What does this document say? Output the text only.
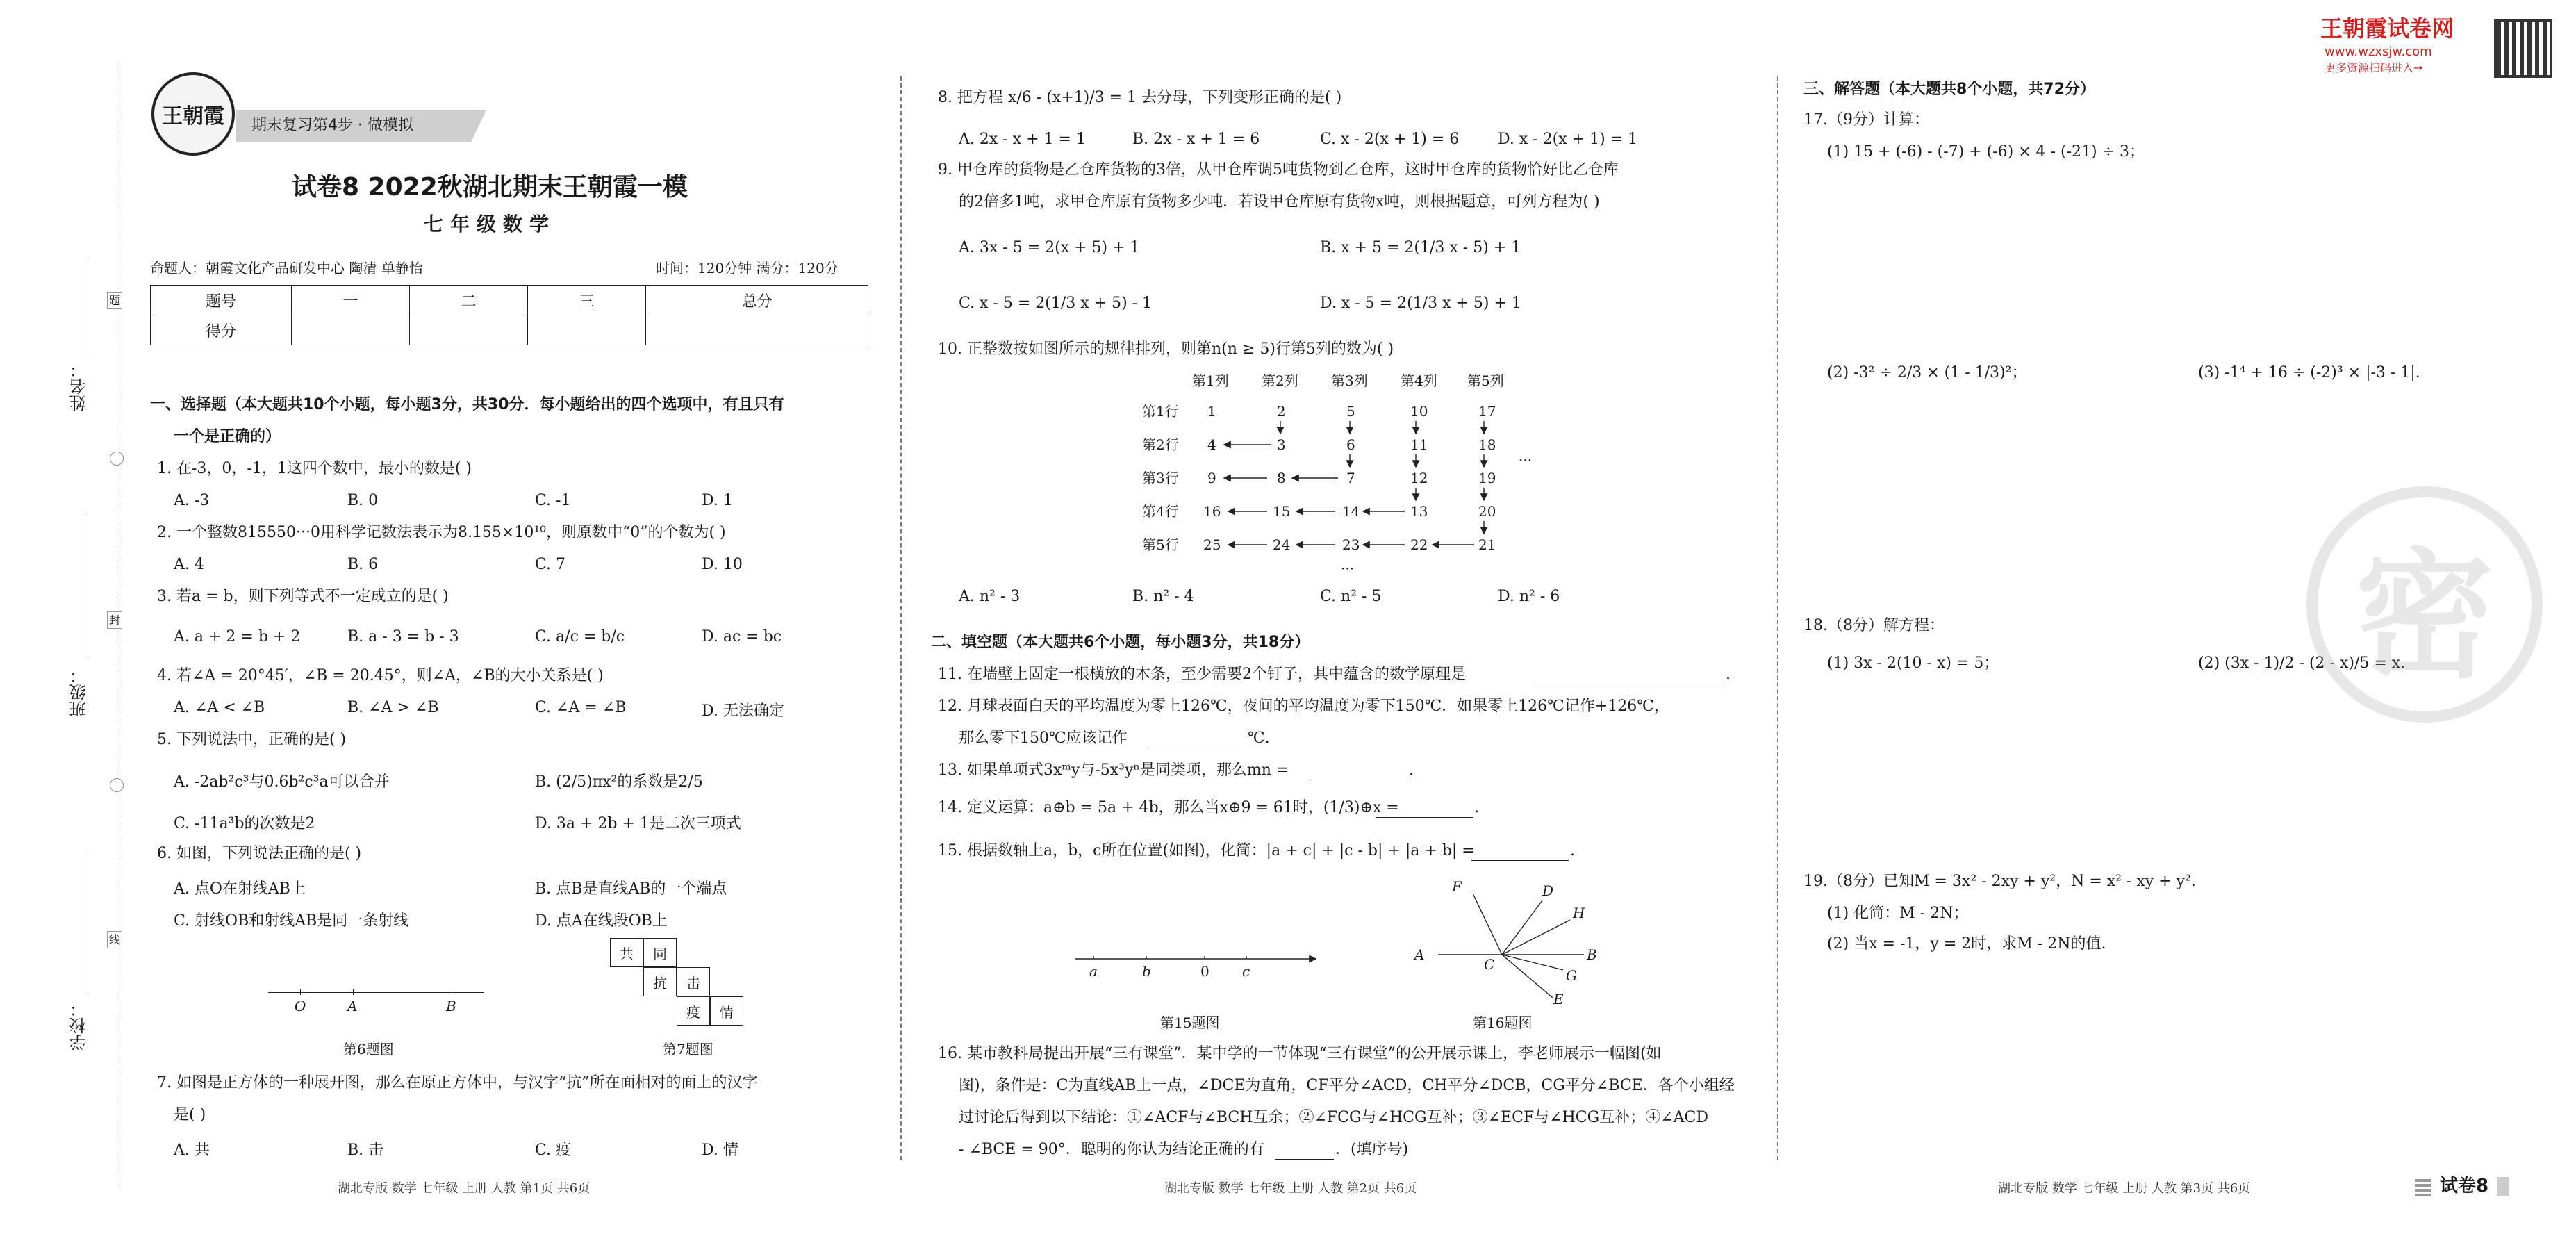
姓名：
班级：
学校：
题
封
线
王朝霞 期末复习第4步 · 做模拟
试卷8 2022秋湖北期末王朝霞一模
七年级数学
命题人：朝霞文化产品研发中心 陶清 单静怡	时间：120分钟 满分：120分
题号	一	二	三	总分
得分				
一、选择题（本大题共10个小题，每小题3分，共30分．每小题给出的四个选项中，有且只有
一个是正确的）
1. 在-3，0，-1，1这四个数中，最小的数是( )
A. -3	B. 0	C. -1	D. 1
2. 一个整数815550···0用科学记数法表示为8.155×10¹⁰，则原数中“0”的个数为( )
A. 4	B. 6	C. 7	D. 10
3. 若a = b，则下列等式不一定成立的是( )
A. a + 2 = b + 2	B. a - 3 = b - 3	C. a/c = b/c	D. ac = bc
4. 若∠A = 20°45′，∠B = 20.45°，则∠A，∠B的大小关系是( )
A. ∠A < ∠B	B. ∠A > ∠B	C. ∠A = ∠B	D. 无法确定
5. 下列说法中，正确的是( )
A. -2ab²c³与0.6b²c³a可以合并	B. (2/5)πx²的系数是2/5
C. -11a³b的次数是2	D. 3a + 2b + 1是二次三项式
6. 如图，下列说法正确的是( )
A. 点O在射线AB上	B. 点B是直线AB的一个端点
C. 射线OB和射线AB是同一条射线	D. 点A在线段OB上
O	A	B
第6题图
共	同
抗	击
疫	情
第7题图
7. 如图是正方体的一种展开图，那么在原正方体中，与汉字“抗”所在面相对的面上的汉字
是( )
A. 共	B. 击	C. 疫	D. 情
湖北专版 数学 七年级 上册 人教 第1页 共6页
8. 把方程 x/6 - (x+1)/3 = 1 去分母，下列变形正确的是( )
A. 2x - x + 1 = 1	B. 2x - x + 1 = 6	C. x - 2(x + 1) = 6	D. x - 2(x + 1) = 1
9. 甲仓库的货物是乙仓库货物的3倍，从甲仓库调5吨货物到乙仓库，这时甲仓库的货物恰好比乙仓库
的2倍多1吨，求甲仓库原有货物多少吨．若设甲仓库原有货物x吨，则根据题意，可列方程为( )
A. 3x - 5 = 2(x + 5) + 1	B. x + 5 = 2(1/3 x - 5) + 1
C. x - 5 = 2(1/3 x + 5) - 1	D. x - 5 = 2(1/3 x + 5) + 1
10. 正整数按如图所示的规律排列，则第n(n ≥ 5)行第5列的数为( )
第1列 第2列 第3列 第4列 第5列
第1行
第2行
第3行
第4行
第5行
1	2	5	10	17
4	3	6	11	18
9	8	7	12	19
16	15	14	13	20
25	24	23	22	21
···
···
A. n² - 3	B. n² - 4	C. n² - 5	D. n² - 6
二、填空题（本大题共6个小题，每小题3分，共18分）
11. 在墙壁上固定一根横放的木条，至少需要2个钉子，其中蕴含的数学原理是	.
12. 月球表面白天的平均温度为零上126℃，夜间的平均温度为零下150℃．如果零上126℃记作+126℃，
那么零下150℃应该记作	℃.
13. 如果单项式3xᵐy与-5x³yⁿ是同类项，那么mn =	.
14. 定义运算：a⊕b = 5a + 4b，那么当x⊕9 = 61时，(1/3)⊕x =	.
15. 根据数轴上a，b，c所在位置(如图)，化简：|a + c| + |c - b| + |a + b| =	.
a	b	0 c
第15题图
F	D
H
A
C
B
G
E
第16题图
16. 某市教科局提出开展“三有课堂”．某中学的一节体现“三有课堂”的公开展示课上，李老师展示一幅图(如
图)，条件是：C为直线AB上一点，∠DCE为直角，CF平分∠ACD，CH平分∠DCB，CG平分∠BCE．各个小组经
过讨论后得到以下结论：①∠ACF与∠BCH互余；②∠FCG与∠HCG互补；③∠ECF与∠HCG互补；④∠ACD
- ∠BCE = 90°．聪明的你认为结论正确的有	．(填序号)
湖北专版 数学 七年级 上册 人教 第2页 共6页
王朝霞试卷网
www.wzxsjw.com
更多资源扫码进入→
三、解答题（本大题共8个小题，共72分）
17.（9分）计算：
(1) 15 + (-6) - (-7) + (-6) × 4 - (-21) ÷ 3；
(2) -3² ÷ 2/3 × (1 - 1/3)²；	(3) -1⁴ + 16 ÷ (-2)³ × |-3 - 1|.
18.（8分）解方程：
(1) 3x - 2(10 - x) = 5；	(2) (3x - 1)/2 - (2 - x)/5 = x.
19.（8分）已知M = 3x² - 2xy + y²，N = x² - xy + y².
(1) 化简：M - 2N；
(2) 当x = -1，y = 2时，求M - 2N的值.
密
湖北专版 数学 七年级 上册 人教 第3页 共6页	试卷8
